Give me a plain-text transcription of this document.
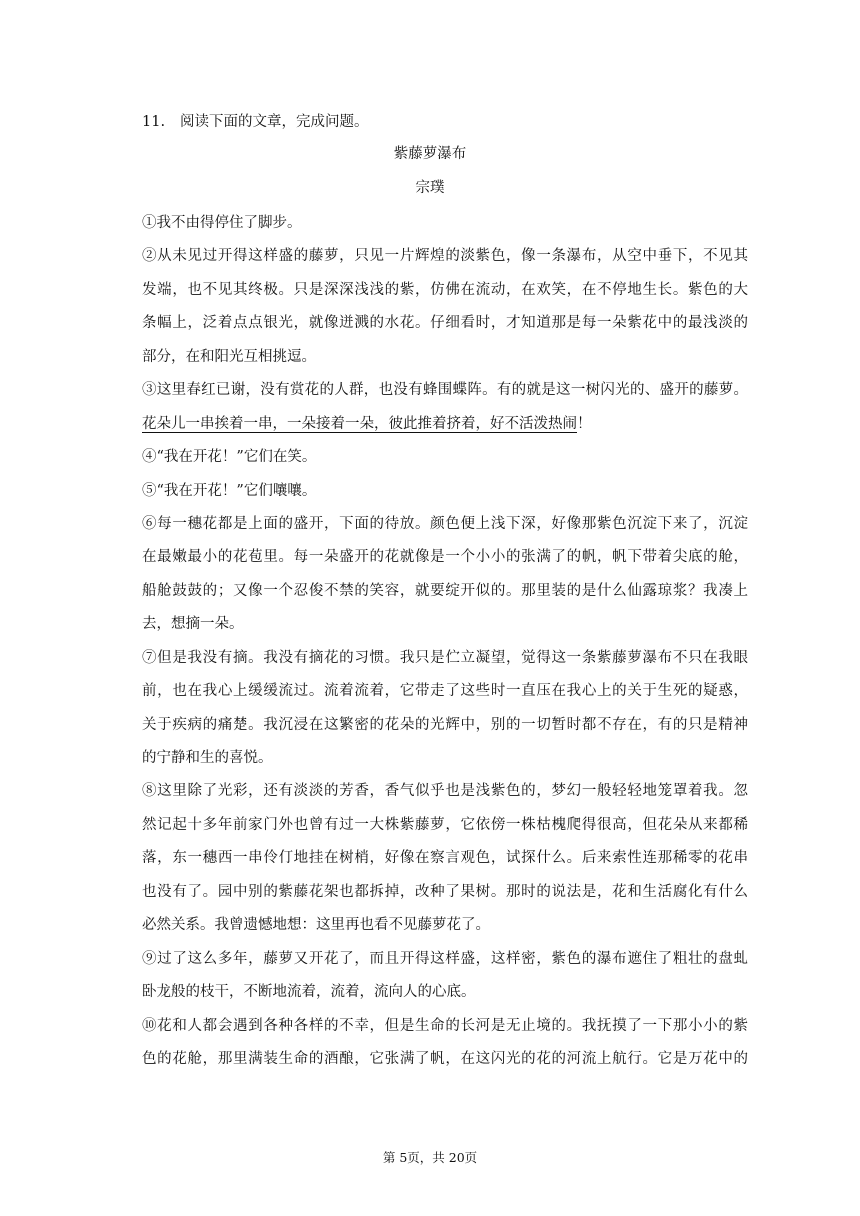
11. 阅读下面的文章，完成问题。
紫藤萝瀑布
宗璞
①我不由得停住了脚步。
②从未见过开得这样盛的藤萝，只见一片辉煌的淡紫色，像一条瀑布，从空中垂下，不见其
发端，也不见其终极。只是深深浅浅的紫，仿佛在流动，在欢笑，在不停地生长。紫色的大
条幅上，泛着点点银光，就像迸溅的水花。仔细看时，才知道那是每一朵紫花中的最浅淡的
部分，在和阳光互相挑逗。
③这里春红已谢，没有赏花的人群，也没有蜂围蝶阵。有的就是这一树闪光的、盛开的藤萝。
花朵儿一串挨着一串，一朵接着一朵，彼此推着挤着，好不活泼热闹！
④“我在开花！”它们在笑。
⑤“我在开花！”它们嚷嚷。
⑥每一穗花都是上面的盛开，下面的待放。颜色便上浅下深，好像那紫色沉淀下来了，沉淀
在最嫩最小的花苞里。每一朵盛开的花就像是一个小小的张满了的帆，帆下带着尖底的舱，
船舱鼓鼓的；又像一个忍俊不禁的笑容，就要绽开似的。那里装的是什么仙露琼浆？我凑上
去，想摘一朵。
⑦但是我没有摘。我没有摘花的习惯。我只是伫立凝望，觉得这一条紫藤萝瀑布不只在我眼
前，也在我心上缓缓流过。流着流着，它带走了这些时一直压在我心上的关于生死的疑惑，
关于疾病的痛楚。我沉浸在这繁密的花朵的光辉中，别的一切暂时都不存在，有的只是精神
的宁静和生的喜悦。
⑧这里除了光彩，还有淡淡的芳香，香气似乎也是浅紫色的，梦幻一般轻轻地笼罩着我。忽
然记起十多年前家门外也曾有过一大株紫藤萝，它依傍一株枯槐爬得很高，但花朵从来都稀
落，东一穗西一串伶仃地挂在树梢，好像在察言观色，试探什么。后来索性连那稀零的花串
也没有了。园中别的紫藤花架也都拆掉，改种了果树。那时的说法是，花和生活腐化有什么
必然关系。我曾遗憾地想：这里再也看不见藤萝花了。
⑨过了这么多年，藤萝又开花了，而且开得这样盛，这样密，紫色的瀑布遮住了粗壮的盘虬
卧龙般的枝干，不断地流着，流着，流向人的心底。
⑩花和人都会遇到各种各样的不幸，但是生命的长河是无止境的。我抚摸了一下那小小的紫
色的花舱，那里满装生命的酒酿，它张满了帆，在这闪光的花的河流上航行。它是万花中的
第 5页，共 20页
